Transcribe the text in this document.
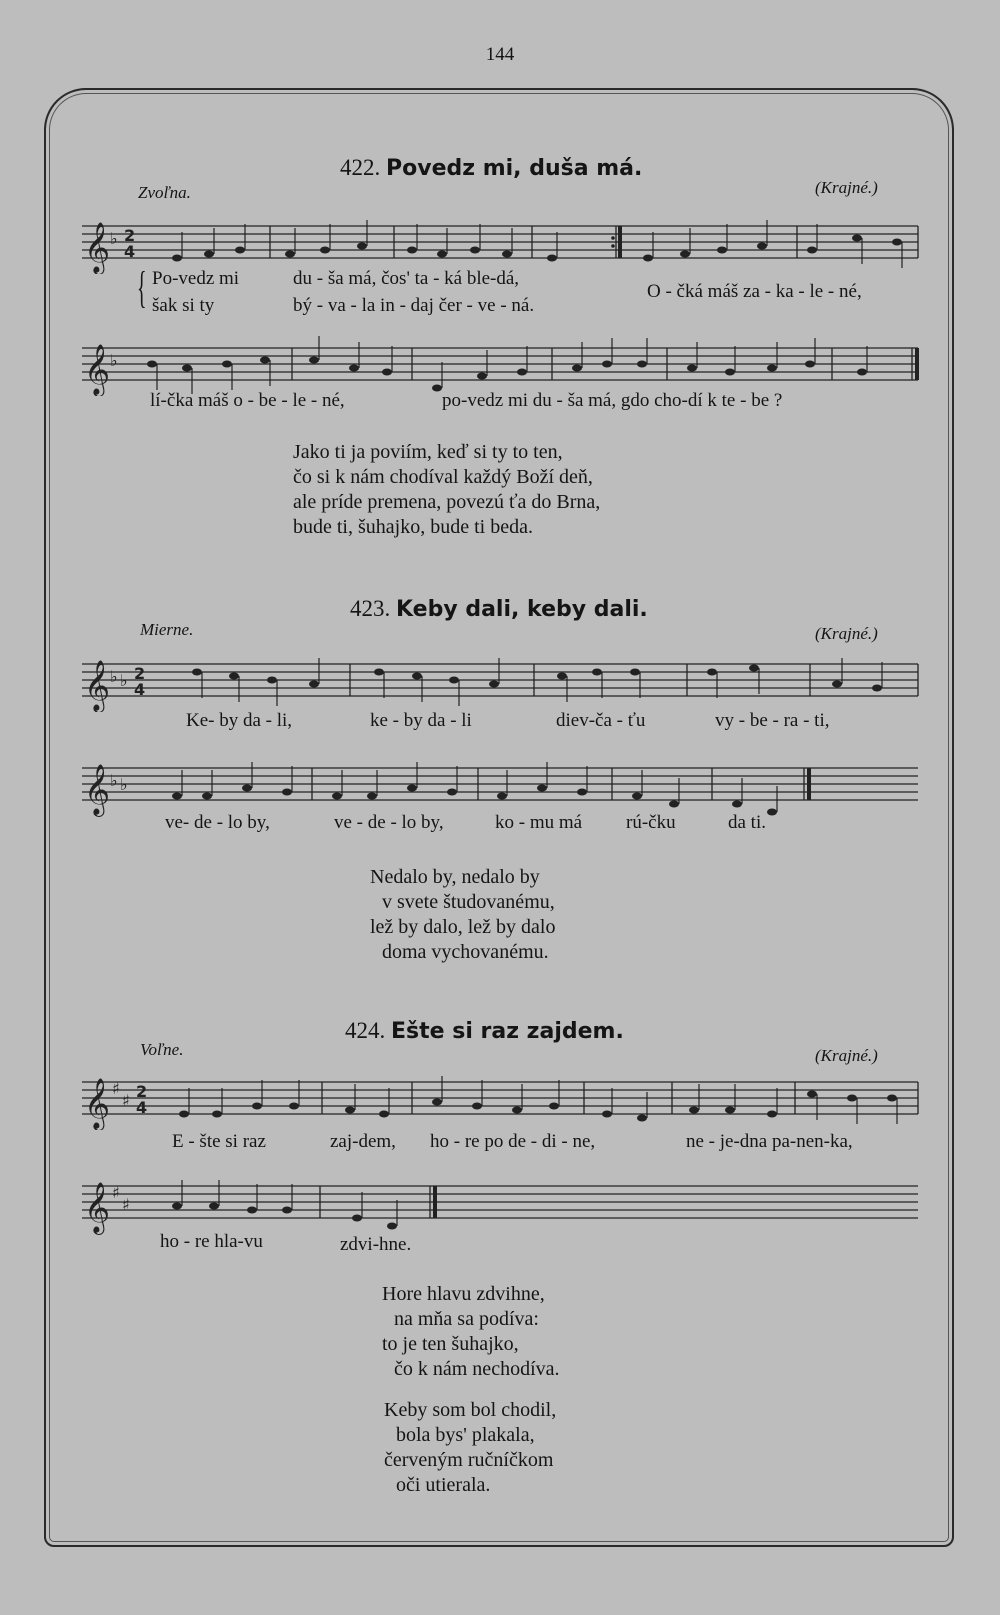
144
422. Povedz mi, duša má.
Zvoľna.	(Krajné.)
𝄞 ♭ 2
4
{ Po-vedz mi	du - ša má, čos' ta - ká ble-dá,
šak si ty	bý - va - la in - daj čer - ve - ná.
O - čká máš za - ka - le - né,
𝄞 ♭
lí-čka máš o - be - le - né,	po-vedz mi du - ša má, gdo cho-dí k te - be ?
Jako ti ja poviím, keď si ty to ten,
čo si k nám chodíval každý Boží deň,
ale príde premena, povezú ťa do Brna,
bude ti, šuhajko, bude ti beda.
423. Keby dali, keby dali.
Mierne.	(Krajné.)
𝄞 ♭ ♭ 2
4
Ke- by da - li,	ke - by da - li	diev-ča - ťu	vy - be - ra - ti,
𝄞 ♭ ♭
ve- de - lo by,	ve - de - lo by,	ko - mu má rú-čku	da ti.
Nedalo by, nedalo by
v svete študovanému,
lež by dalo, lež by dalo
doma vychovanému.
424. Ešte si raz zajdem.
Voľne.	(Krajné.)
𝄞 ♯
♯ 2
4
E - šte si raz	zaj-dem, ho - re po de - di - ne,	ne - je-dna pa-nen-ka,
𝄞 ♯
♯
ho - re hla-vu	zdvi-hne.
Hore hlavu zdvihne,
na mňa sa podíva:
to je ten šuhajko,
čo k nám nechodíva.
Keby som bol chodil,
bola bys' plakala,
červeným ručníčkom
oči utierala.
